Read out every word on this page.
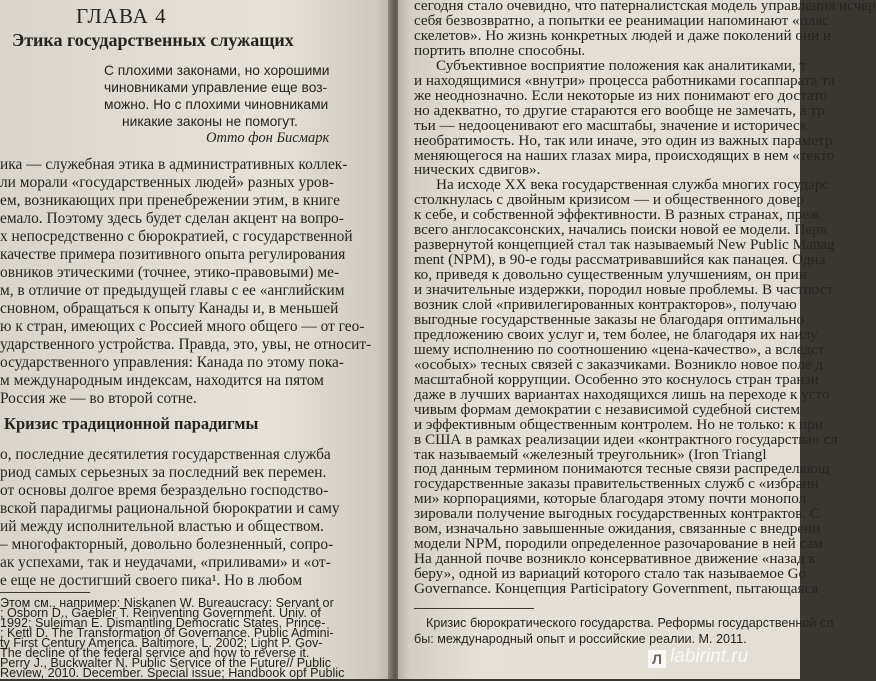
ГЛАВА 4
Этика государственных служащих
С плохими законами, но хорошими
чиновниками управление еще воз-
можно. Но с плохими чиновниками
никакие законы не помогут.
Отто фон Бисмарк
ика — служебная этика в административных коллек-
ли морали «государственных людей» разных уров-
ем, возникающих при пренебрежении этим, в книге
емало. Поэтому здесь будет сделан акцент на вопро-
х непосредственно с бюрократией, с государственной
качестве примера позитивного опыта регулирования
овников этическими (точнее, этико-правовыми) ме-
м, в отличие от предыдущей главы с ее «английским
сновном, обращаться к опыту Канады и, в меньшей
ю к стран, имеющих с Россией много общего — от гео-
ударственного устройства. Правда, это, увы, не относит-
осударственного управления: Канада по этому пока-
м международным индексам, находится на пятом
Россия же — во второй сотне.
Кризис традиционной парадигмы
о, последние десятилетия государственная служба
риод самых серьезных за последний век перемен.
от основы долгое время безраздельно господство-
вской парадигмы рациональной бюрократии и саму
ий между исполнительной властью и обществом.
– многофакторный, довольно болезненный, сопро-
ак успехами, так и неудачами, «приливами» и «от-
е еще не достигший своего пика¹. Но в любом
Этом см., например: Niskanen W. Bureaucracy: Servant or
; Osborn D., Gaebler T. Reinventing Government. Univ. of
1992; Suleiman E. Dismantling Democratic States. Prince-
; Kettl D. The Transformation of Governance. Public Admini-
ty First Century America. Baltimore, L. 2002; Light P. Gov-
The decline of the federal service and how to reverse it.
Perry J., Buckwalter N. Public Service of the Future// Public
Review, 2010. December. Special issue; Handbook opf Public
сегодня стало очевидно, что патерналистская модель управления исчер
себя безвозвратно, а попытки ее реанимации напоминают «пляс
скелетов». Но жизнь конкретных людей и даже поколений они и
портить вполне способны.
Субъективное восприятие положения как аналитиками, т
и находящимися «внутри» процесса работниками госаппарата та
же неоднозначно. Если некоторые из них понимают его достато
но адекватно, то другие стараются его вообще не замечать, а тр
тьи — недооценивают его масштабы, значение и историческ
необратимость. Но, так или иначе, это один из важных параметр
меняющегося на наших глазах мира, происходящих в нем «текто
нических сдвигов».
На исходе XX века государственная служба многих государс
столкнулась с двойным кризисом — и общественного довер
к себе, и собственной эффективности. В разных странах, преж
всего англосаксонских, начались поиски новой ее модели. Перв
развернутой концепцией стал так называемый New Public Manag
ment (NPM), в 90-е годы рассматривавшийся как панацея. Одна
ко, приведя к довольно существенным улучшениям, он прин
и значительные издержки, породил новые проблемы. В частност
возник слой «привилегированных контракторов», получаю
выгодные государственные заказы не благодаря оптимально
предложению своих услуг и, тем более, не благодаря их наилу
шему исполнению по соотношению «цена-качество», а вследст
«особых» тесных связей с заказчиками. Возникло новое поле д
масштабной коррупции. Особенно это коснулось стран транзи
даже в лучших вариантах находящихся лишь на переходе к усто
чивым формам демократии с независимой судебной систем
и эффективным общественным контролем. Но не только: к при
в США в рамках реализации идеи «контрактного государства» сл
так называемый «железный треугольник» (Iron Triangl
под данным термином понимаются тесные связи распределяющ
государственные заказы правительственных служб с «избранн
ми» корпорациями, которые благодаря этому почти монопол
зировали получение выгодных государственных контрактов. С
вом, изначально завышенные ожидания, связанные с внедрени
модели NPM, породили определенное разочарование в ней сам
На данной почве возникло консервативное движение «назад к
беру», одной из вариаций которого стало так называемое Go
Governance. Концепция Participatory Government, пытающаяся
Кризис бюрократического государства. Реформы государственной сл
бы: международный опыт и российские реалии. М. 2011.
Л labirint.ru
